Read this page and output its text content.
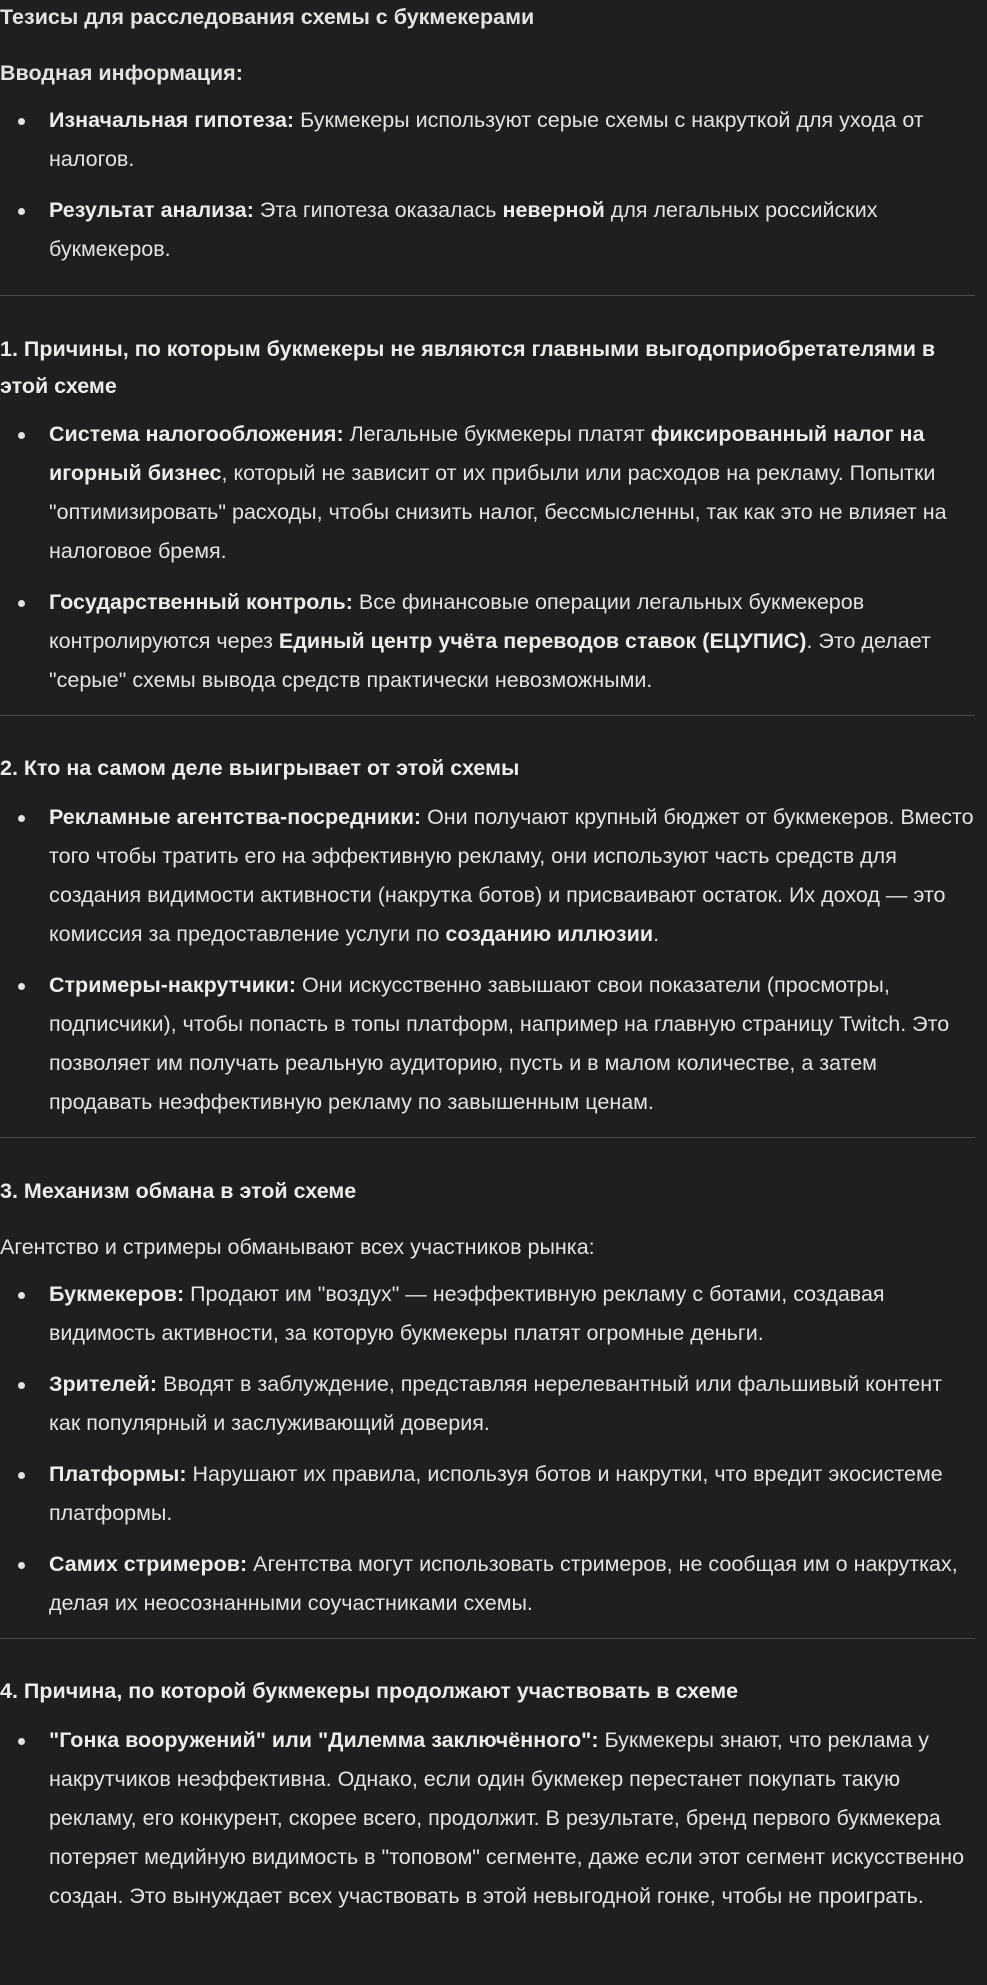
Тезисы для расследования схемы с букмекерами

Вводная информация:

Изначальная гипотеза: Букмекеры используют серые схемы с накруткой для ухода от налогов.
Результат анализа: Эта гипотеза оказалась неверной для легальных российских букмекеров.

1. Причины, по которым букмекеры не являются главными выгодоприобретателями в этой схеме

Система налогообложения: Легальные букмекеры платят фиксированный налог на игорный бизнес, который не зависит от их прибыли или расходов на рекламу. Попытки "оптимизировать" расходы, чтобы снизить налог, бессмысленны, так как это не влияет на налоговое бремя.
Государственный контроль: Все финансовые операции легальных букмекеров контролируются через Единый центр учёта переводов ставок (ЕЦУПИС). Это делает "серые" схемы вывода средств практически невозможными.

2. Кто на самом деле выигрывает от этой схемы

Рекламные агентства-посредники: Они получают крупный бюджет от букмекеров. Вместо того чтобы тратить его на эффективную рекламу, они используют часть средств для создания видимости активности (накрутка ботов) и присваивают остаток. Их доход — это комиссия за предоставление услуги по созданию иллюзии.
Стримеры-накрутчики: Они искусственно завышают свои показатели (просмотры, подписчики), чтобы попасть в топы платформ, например на главную страницу Twitch. Это позволяет им получать реальную аудиторию, пусть и в малом количестве, а затем продавать неэффективную рекламу по завышенным ценам.

3. Механизм обмана в этой схеме

Агентство и стримеры обманывают всех участников рынка:

Букмекеров: Продают им "воздух" — неэффективную рекламу с ботами, создавая видимость активности, за которую букмекеры платят огромные деньги.
Зрителей: Вводят в заблуждение, представляя нерелевантный или фальшивый контент как популярный и заслуживающий доверия.
Платформы: Нарушают их правила, используя ботов и накрутки, что вредит экосистеме платформы.
Самих стримеров: Агентства могут использовать стримеров, не сообщая им о накрутках, делая их неосознанными соучастниками схемы.

4. Причина, по которой букмекеры продолжают участвовать в схеме

"Гонка вооружений" или "Дилемма заключённого": Букмекеры знают, что реклама у накрутчиков неэффективна. Однако, если один букмекер перестанет покупать такую рекламу, его конкурент, скорее всего, продолжит. В результате, бренд первого букмекера потеряет медийную видимость в "топовом" сегменте, даже если этот сегмент искусственно создан. Это вынуждает всех участвовать в этой невыгодной гонке, чтобы не проиграть.
